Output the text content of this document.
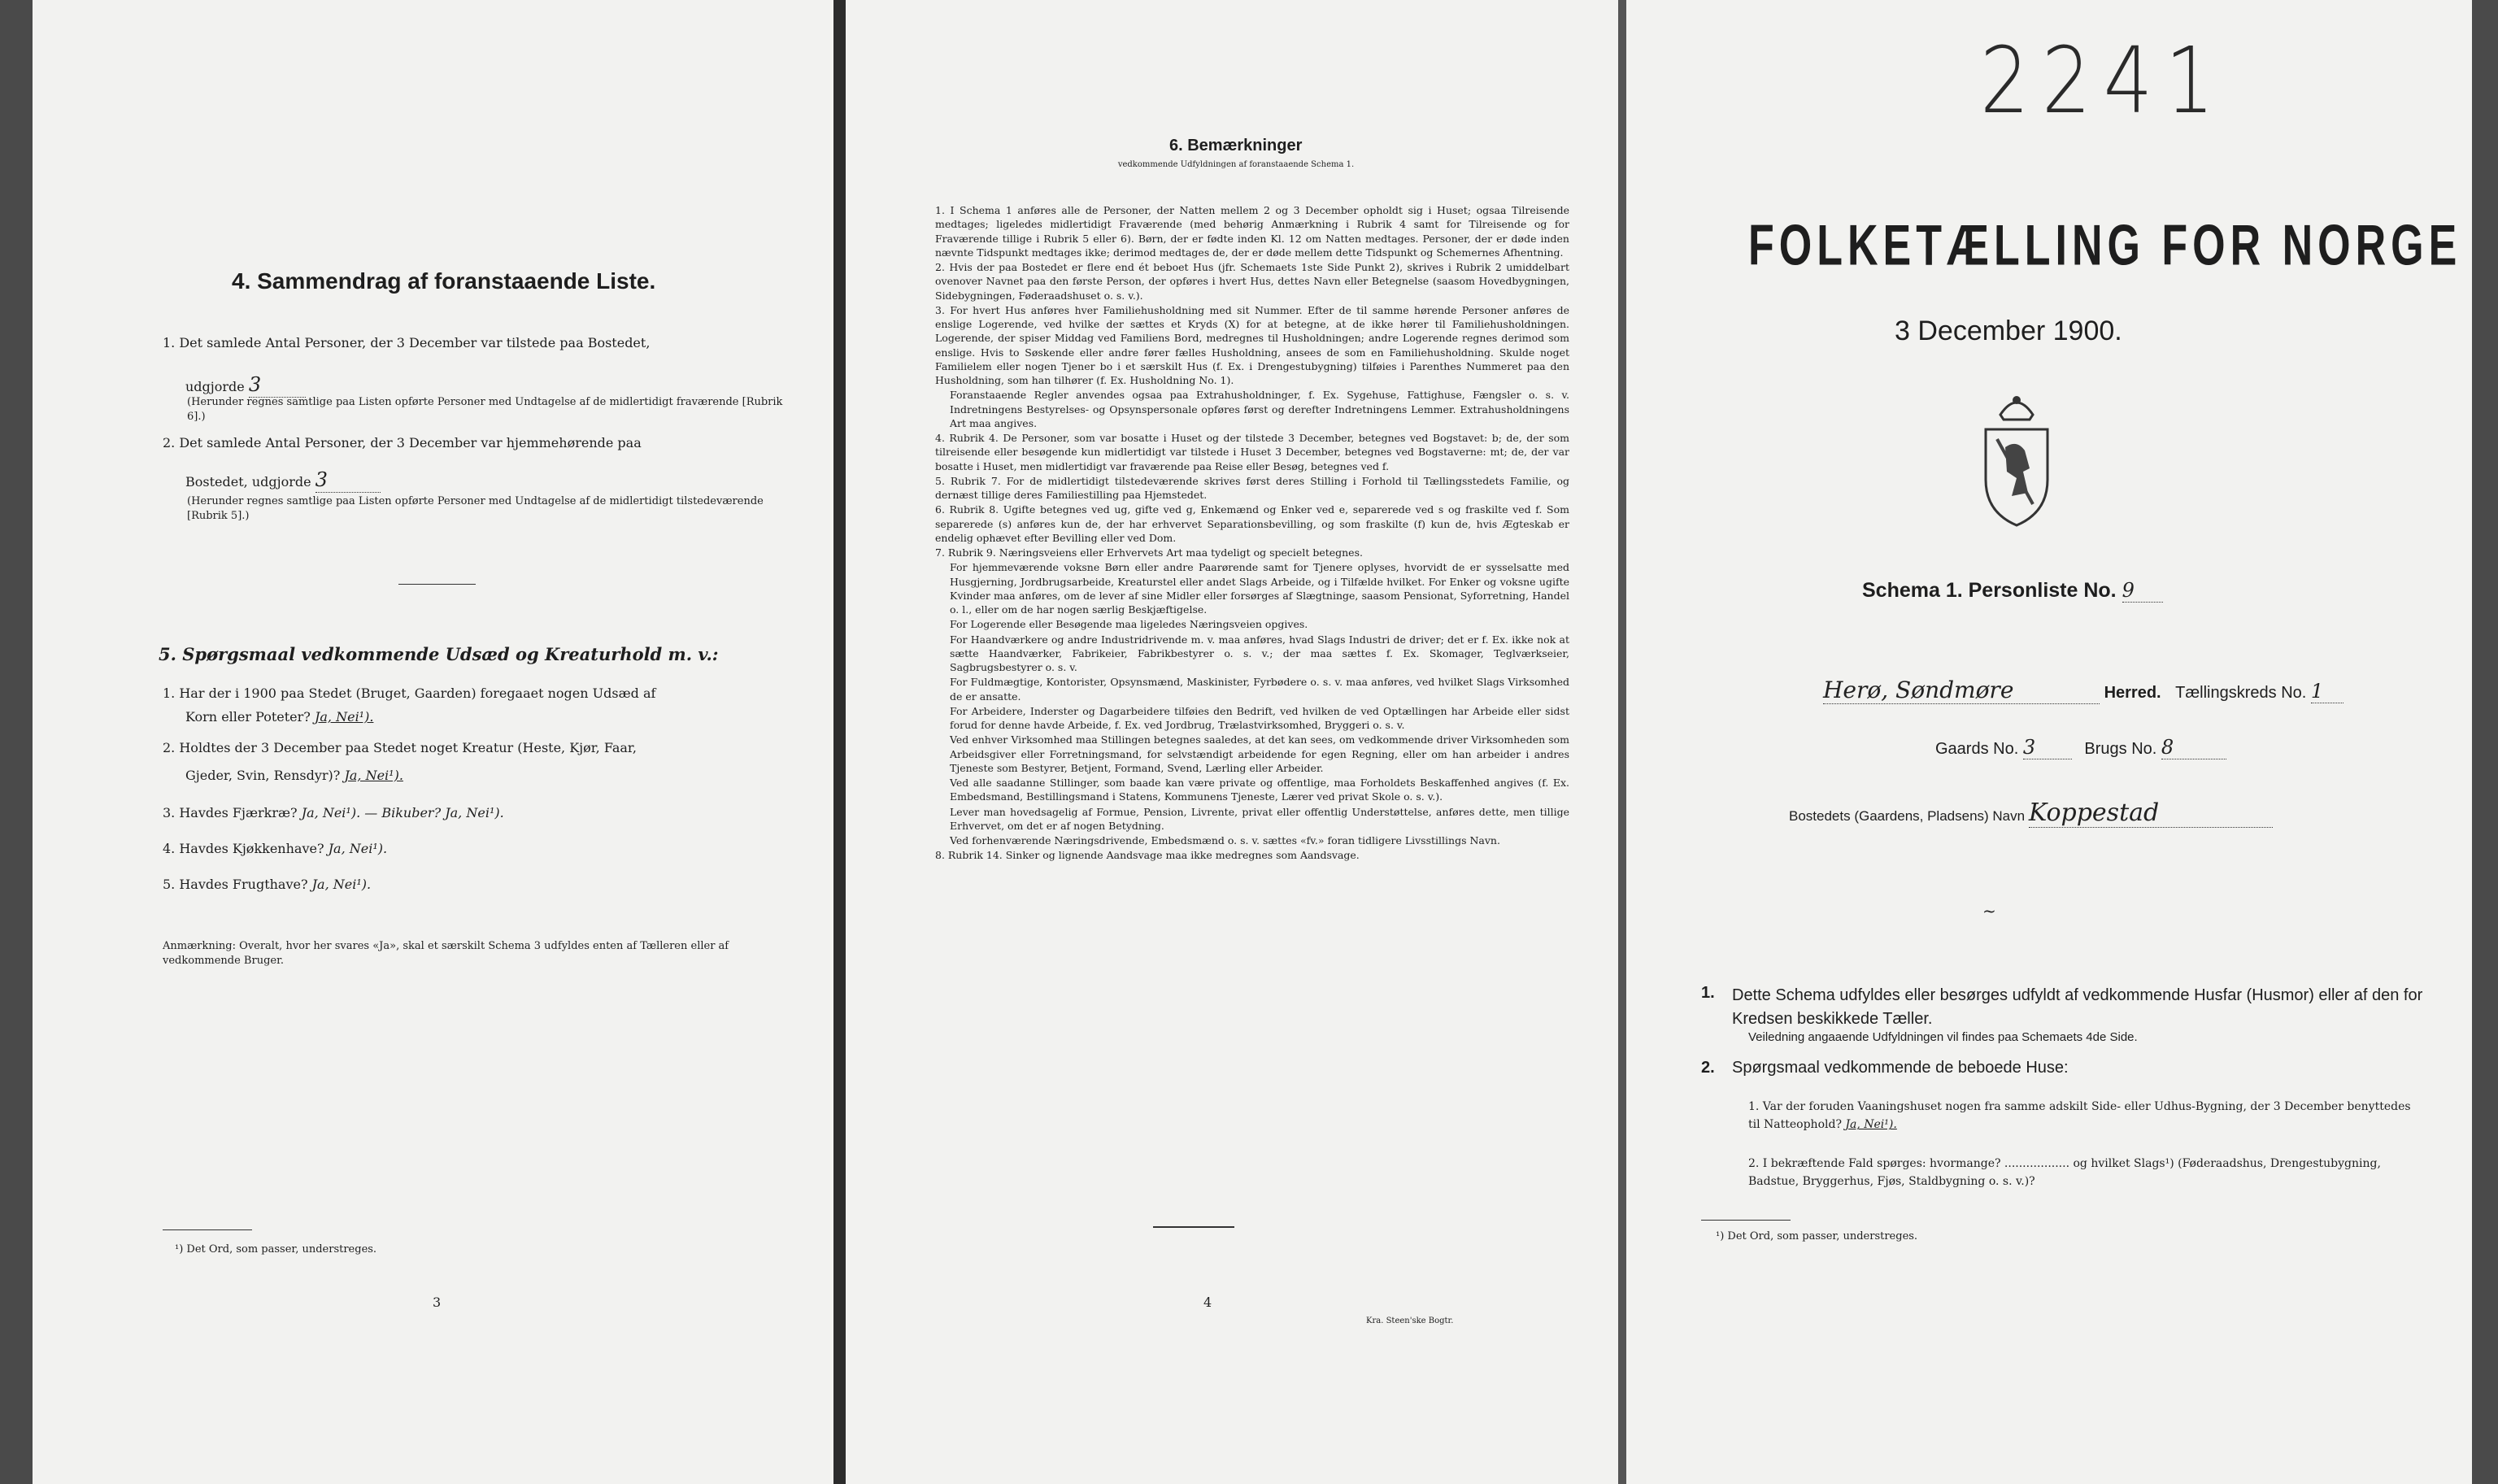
4. Sammendrag af foranstaaende Liste.
1. Det samlede Antal Personer, der 3 December var tilstede paa Bostedet,
udgjorde 3
(Herunder regnes samtlige paa Listen opførte Personer med Undtagelse af de midlertidigt fraværende [Rubrik 6].)
2. Det samlede Antal Personer, der 3 December var hjemmehørende paa
Bostedet, udgjorde 3
(Herunder regnes samtlige paa Listen opførte Personer med Undtagelse af de midlertidigt tilstedeværende [Rubrik 5].)
5. Spørgsmaal vedkommende Udsæd og Kreaturhold m. v.:
1. Har der i 1900 paa Stedet (Bruget, Gaarden) foregaaet nogen Udsæd af
Korn eller Poteter? Ja, Nei¹).
2. Holdtes der 3 December paa Stedet noget Kreatur (Heste, Kjør, Faar,
Gjeder, Svin, Rensdyr)? Ja, Nei¹).
3. Havdes Fjærkræ? Ja, Nei¹). — Bikuber? Ja, Nei¹).
4. Havdes Kjøkkenhave? Ja, Nei¹).
5. Havdes Frugthave? Ja, Nei¹).
Anmærkning: Overalt, hvor her svares «Ja», skal et særskilt Schema 3 udfyldes enten af Tælleren eller af vedkommende Bruger.
¹) Det Ord, som passer, understreges.
3
6. Bemærkninger
vedkommende Udfyldningen af foranstaaende Schema 1.

1. I Schema 1 anføres alle de Personer, der Natten mellem 2 og 3 December opholdt sig i Huset; ogsaa Tilreisende medtages; ligeledes midlertidigt Fraværende (med behørig Anmærkning i Rubrik 4 samt for Tilreisende og for Fraværende tillige i Rubrik 5 eller 6). Børn, der er fødte inden Kl. 12 om Natten medtages. Personer, der er døde inden nævnte Tidspunkt medtages ikke; derimod medtages de, der er døde mellem dette Tidspunkt og Schemernes Afhentning.

2. Hvis der paa Bostedet er flere end ét beboet Hus (jfr. Schemaets 1ste Side Punkt 2), skrives i Rubrik 2 umiddelbart ovenover Navnet paa den første Person, der opføres i hvert Hus, dettes Navn eller Betegnelse (saasom Hovedbygningen, Sidebygningen, Føderaadshuset o. s. v.).

3. For hvert Hus anføres hver Familiehusholdning med sit Nummer. Efter de til samme hørende Personer anføres de enslige Logerende, ved hvilke der sættes et Kryds (X) for at betegne, at de ikke hører til Familiehusholdningen. Logerende, der spiser Middag ved Familiens Bord, medregnes til Husholdningen; andre Logerende regnes derimod som enslige. Hvis to Søskende eller andre fører fælles Husholdning, ansees de som en Familiehusholdning. Skulde noget Familielem eller nogen Tjener bo i et særskilt Hus (f. Ex. i Drengestubygning) tilføies i Parenthes Nummeret paa den Husholdning, som han tilhører (f. Ex. Husholdning No. 1).

Foranstaaende Regler anvendes ogsaa paa Extrahusholdninger, f. Ex. Sygehuse, Fattighuse, Fængsler o. s. v. Indretningens Bestyrelses- og Opsynspersonale opføres først og derefter Indretningens Lemmer. Extrahusholdningens Art maa angives.

4. Rubrik 4. De Personer, som var bosatte i Huset og der tilstede 3 December, betegnes ved Bogstavet: b; de, der som tilreisende eller besøgende kun midlertidigt var tilstede i Huset 3 December, betegnes ved Bogstaverne: mt; de, der var bosatte i Huset, men midlertidigt var fraværende paa Reise eller Besøg, betegnes ved f.

5. Rubrik 7. For de midlertidigt tilstedeværende skrives først deres Stilling i Forhold til Tællingsstedets Familie, og dernæst tillige deres Familiestilling paa Hjemstedet.

6. Rubrik 8. Ugifte betegnes ved ug, gifte ved g, Enkemænd og Enker ved e, separerede ved s og fraskilte ved f. Som separerede (s) anføres kun de, der har erhvervet Separationsbevilling, og som fraskilte (f) kun de, hvis Ægteskab er endelig ophævet efter Bevilling eller ved Dom.

7. Rubrik 9. Næringsveiens eller Erhvervets Art maa tydeligt og specielt betegnes.

For hjemmeværende voksne Børn eller andre Paarørende samt for Tjenere oplyses, hvorvidt de er sysselsatte med Husgjerning, Jordbrugsarbeide, Kreaturstel eller andet Slags Arbeide, og i Tilfælde hvilket. For Enker og voksne ugifte Kvinder maa anføres, om de lever af sine Midler eller forsørges af Slægtninge, saasom Pensionat, Syforretning, Handel o. l., eller om de har nogen særlig Beskjæftigelse.

For Logerende eller Besøgende maa ligeledes Næringsveien opgives.

For Haandværkere og andre Industridrivende m. v. maa anføres, hvad Slags Industri de driver; det er f. Ex. ikke nok at sætte Haandværker, Fabrikeier, Fabrikbestyrer o. s. v.; der maa sættes f. Ex. Skomager, Teglværkseier, Sagbrugsbestyrer o. s. v.

For Fuldmægtige, Kontorister, Opsynsmænd, Maskinister, Fyrbødere o. s. v. maa anføres, ved hvilket Slags Virksomhed de er ansatte.

For Arbeidere, Inderster og Dagarbeidere tilføies den Bedrift, ved hvilken de ved Optællingen har Arbeide eller sidst forud for denne havde Arbeide, f. Ex. ved Jordbrug, Trælastvirksomhed, Bryggeri o. s. v.

Ved enhver Virksomhed maa Stillingen betegnes saaledes, at det kan sees, om vedkommende driver Virksomheden som Arbeidsgiver eller Forretningsmand, for selvstændigt arbeidende for egen Regning, eller om han arbeider i andres Tjeneste som Bestyrer, Betjent, Formand, Svend, Lærling eller Arbeider.

Ved alle saadanne Stillinger, som baade kan være private og offentlige, maa Forholdets Beskaffenhed angives (f. Ex. Embedsmand, Bestillingsmand i Statens, Kommunens Tjeneste, Lærer ved privat Skole o. s. v.).

Lever man hovedsagelig af Formue, Pension, Livrente, privat eller offentlig Understøttelse, anføres dette, men tillige Erhvervet, om det er af nogen Betydning.

Ved forhenværende Næringsdrivende, Embedsmænd o. s. v. sættes «fv.» foran tidligere Livsstillings Navn.

8. Rubrik 14. Sinker og lignende Aandsvage maa ikke medregnes som Aandsvage.

4
Kra. Steen'ske Bogtr.
2241
FOLKETÆLLING FOR NORGE
3 December 1900.
Schema 1. Personliste No. 9
Herø, Søndmøre	Herred. Tællingskreds No. 1
Gaards No. 3	Brugs No. 8
Bostedets (Gaardens, Pladsens) Navn Koppestad
~
1. Dette Schema udfyldes eller besørges udfyldt af vedkommende Husfar (Husmor) eller af den for Kredsen beskikkede Tæller.
Veiledning angaaende Udfyldningen vil findes paa Schemaets 4de Side.
2. Spørgsmaal vedkommende de beboede Huse:
1. Var der foruden Vaaningshuset nogen fra samme adskilt Side- eller Udhus-Bygning, der 3 December benyttedes til Natteophold? Ja, Nei¹).
2. I bekræftende Fald spørges: hvormange? .................. og hvilket Slags¹) (Føderaadshus, Drengestubygning, Badstue, Bryggerhus, Fjøs, Staldbygning o. s. v.)?
¹) Det Ord, som passer, understreges.
